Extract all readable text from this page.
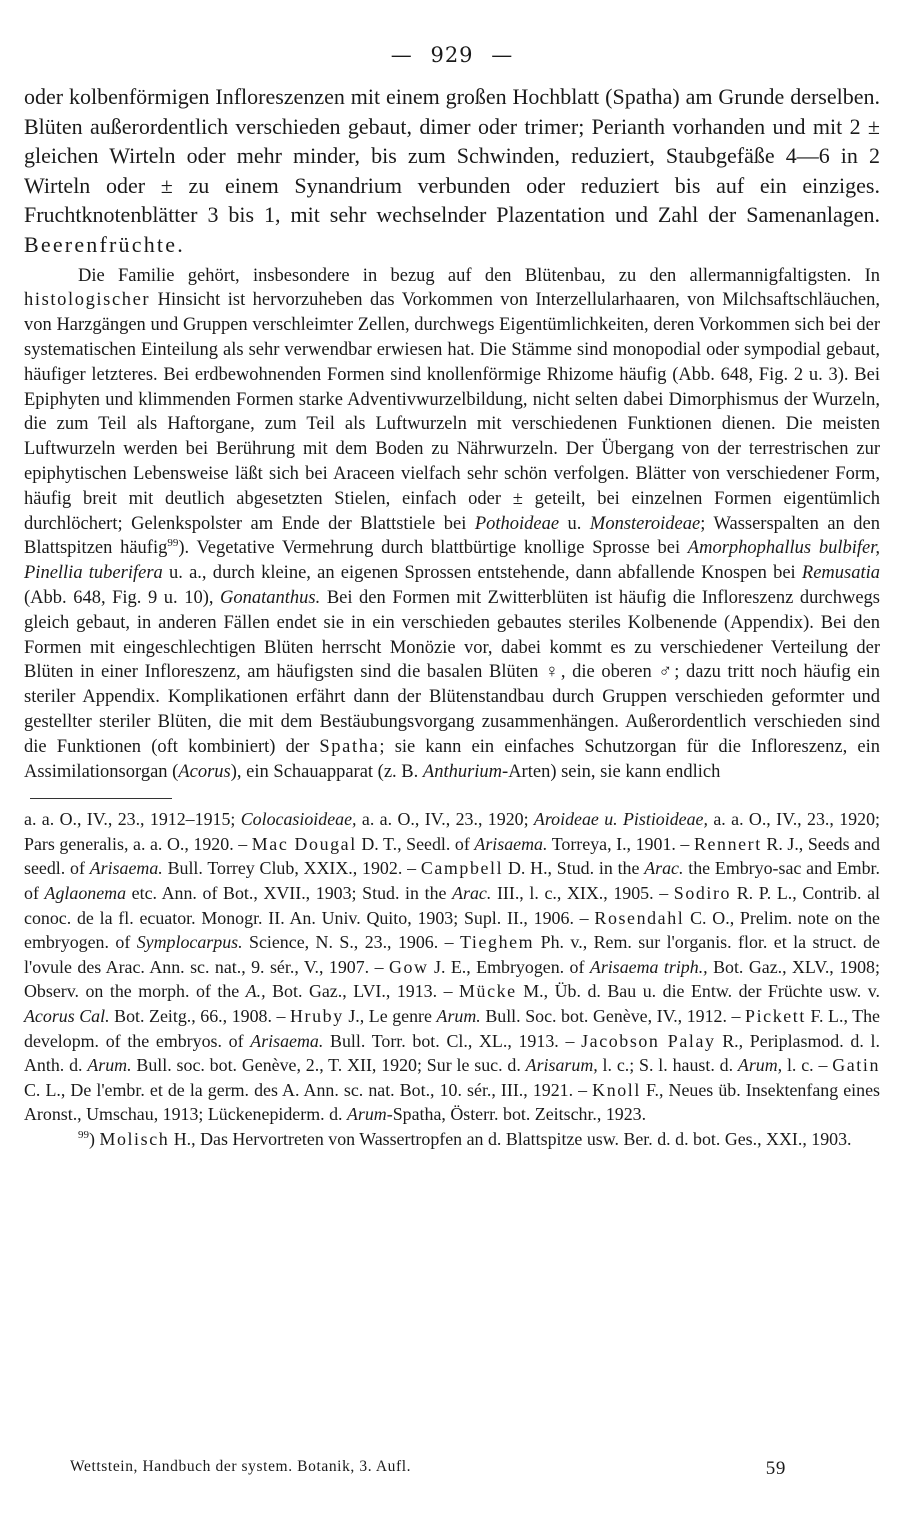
— 929 —

oder kolbenförmigen Infloreszenzen mit einem großen Hochblatt (Spatha) am Grunde derselben. Blüten außerordentlich verschieden gebaut, dimer oder trimer; Perianth vorhanden und mit 2 ± gleichen Wirteln oder mehr minder, bis zum Schwinden, reduziert, Staubgefäße 4—6 in 2 Wirteln oder ± zu einem Synandrium verbunden oder reduziert bis auf ein einziges. Fruchtknotenblätter 3 bis 1, mit sehr wechselnder Plazentation und Zahl der Samenanlagen. Beerenfrüchte.

Die Familie gehört, insbesondere in bezug auf den Blütenbau, zu den allermannigfaltigsten. In histologischer Hinsicht ist hervorzuheben das Vorkommen von Interzellularhaaren, von Milchsaftschläuchen, von Harzgängen und Gruppen verschleimter Zellen, durchwegs Eigentümlichkeiten, deren Vorkommen sich bei der systematischen Einteilung als sehr verwendbar erwiesen hat. Die Stämme sind monopodial oder sympodial gebaut, häufiger letzteres. Bei erdbewohnenden Formen sind knollenförmige Rhizome häufig (Abb. 648, Fig. 2 u. 3). Bei Epiphyten und klimmenden Formen starke Adventivwurzelbildung, nicht selten dabei Dimorphismus der Wurzeln, die zum Teil als Haftorgane, zum Teil als Luftwurzeln mit verschiedenen Funktionen dienen. Die meisten Luftwurzeln werden bei Berührung mit dem Boden zu Nährwurzeln. Der Übergang von der terrestrischen zur epiphytischen Lebensweise läßt sich bei Araceen vielfach sehr schön verfolgen. Blätter von verschiedener Form, häufig breit mit deutlich abgesetzten Stielen, einfach oder ± geteilt, bei einzelnen Formen eigentümlich durchlöchert; Gelenkspolster am Ende der Blattstiele bei Pothoideae u. Monsteroideae; Wasserspalten an den Blattspitzen häufig$^{99}$). Vegetative Vermehrung durch blattbürtige knollige Sprosse bei Amorphophallus bulbifer, Pinellia tuberifera u. a., durch kleine, an eigenen Sprossen entstehende, dann abfallende Knospen bei Remusatia (Abb. 648, Fig. 9 u. 10), Gonatanthus. Bei den Formen mit Zwitterblüten ist häufig die Infloreszenz durchwegs gleich gebaut, in anderen Fällen endet sie in ein verschieden gebautes steriles Kolbenende (Appendix). Bei den Formen mit eingeschlechtigen Blüten herrscht Monözie vor, dabei kommt es zu verschiedener Verteilung der Blüten in einer Infloreszenz, am häufigsten sind die basalen Blüten ♀, die oberen ♂; dazu tritt noch häufig ein steriler Appendix. Komplikationen erfährt dann der Blütenstandbau durch Gruppen verschieden geformter und gestellter steriler Blüten, die mit dem Bestäubungsvorgang zusammenhängen. Außerordentlich verschieden sind die Funktionen (oft kombiniert) der Spatha; sie kann ein einfaches Schutzorgan für die Infloreszenz, ein Assimilationsorgan (Acorus), ein Schauapparat (z. B. Anthurium-Arten) sein, sie kann endlich

a. a. O., IV., 23., 1912–1915; Colocasioideae, a. a. O., IV., 23., 1920; Aroideae u. Pistioideae, a. a. O., IV., 23., 1920; Pars generalis, a. a. O., 1920. – Mac Dougal D. T., Seedl. of Arisaema. Torreya, I., 1901. – Rennert R. J., Seeds and seedl. of Arisaema. Bull. Torrey Club, XXIX., 1902. – Campbell D. H., Stud. in the Arac. the Embryo-sac and Embr. of Aglaonema etc. Ann. of Bot., XVII., 1903; Stud. in the Arac. III., l. c., XIX., 1905. – Sodiro R. P. L., Contrib. al conoc. de la fl. ecuator. Monogr. II. An. Univ. Quito, 1903; Supl. II., 1906. – Rosendahl C. O., Prelim. note on the embryogen. of Symplocarpus. Science, N. S., 23., 1906. – Tieghem Ph. v., Rem. sur l'organis. flor. et la struct. de l'ovule des Arac. Ann. sc. nat., 9. sér., V., 1907. – Gow J. E., Embryogen. of Arisaema triph., Bot. Gaz., XLV., 1908; Observ. on the morph. of the A., Bot. Gaz., LVI., 1913. – Mücke M., Üb. d. Bau u. die Entw. der Früchte usw. v. Acorus Cal. Bot. Zeitg., 66., 1908. – Hruby J., Le genre Arum. Bull. Soc. bot. Genève, IV., 1912. – Pickett F. L., The developm. of the embryos. of Arisaema. Bull. Torr. bot. Cl., XL., 1913. – Jacobson Palay R., Periplasmod. d. l. Anth. d. Arum. Bull. soc. bot. Genève, 2., T. XII, 1920; Sur le suc. d. Arisarum, l. c.; S. l. haust. d. Arum, l. c. – Gatin C. L., De l'embr. et de la germ. des A. Ann. sc. nat. Bot., 10. sér., III., 1921. – Knoll F., Neues üb. Insektenfang eines Aronst., Umschau, 1913; Lückenepiderm. d. Arum-Spatha, Österr. bot. Zeitschr., 1923.

$^{99}$) Molisch H., Das Hervortreten von Wassertropfen an d. Blattspitze usw. Ber. d. d. bot. Ges., XXI., 1903.

Wettstein, Handbuch der system. Botanik, 3. Aufl.	59
